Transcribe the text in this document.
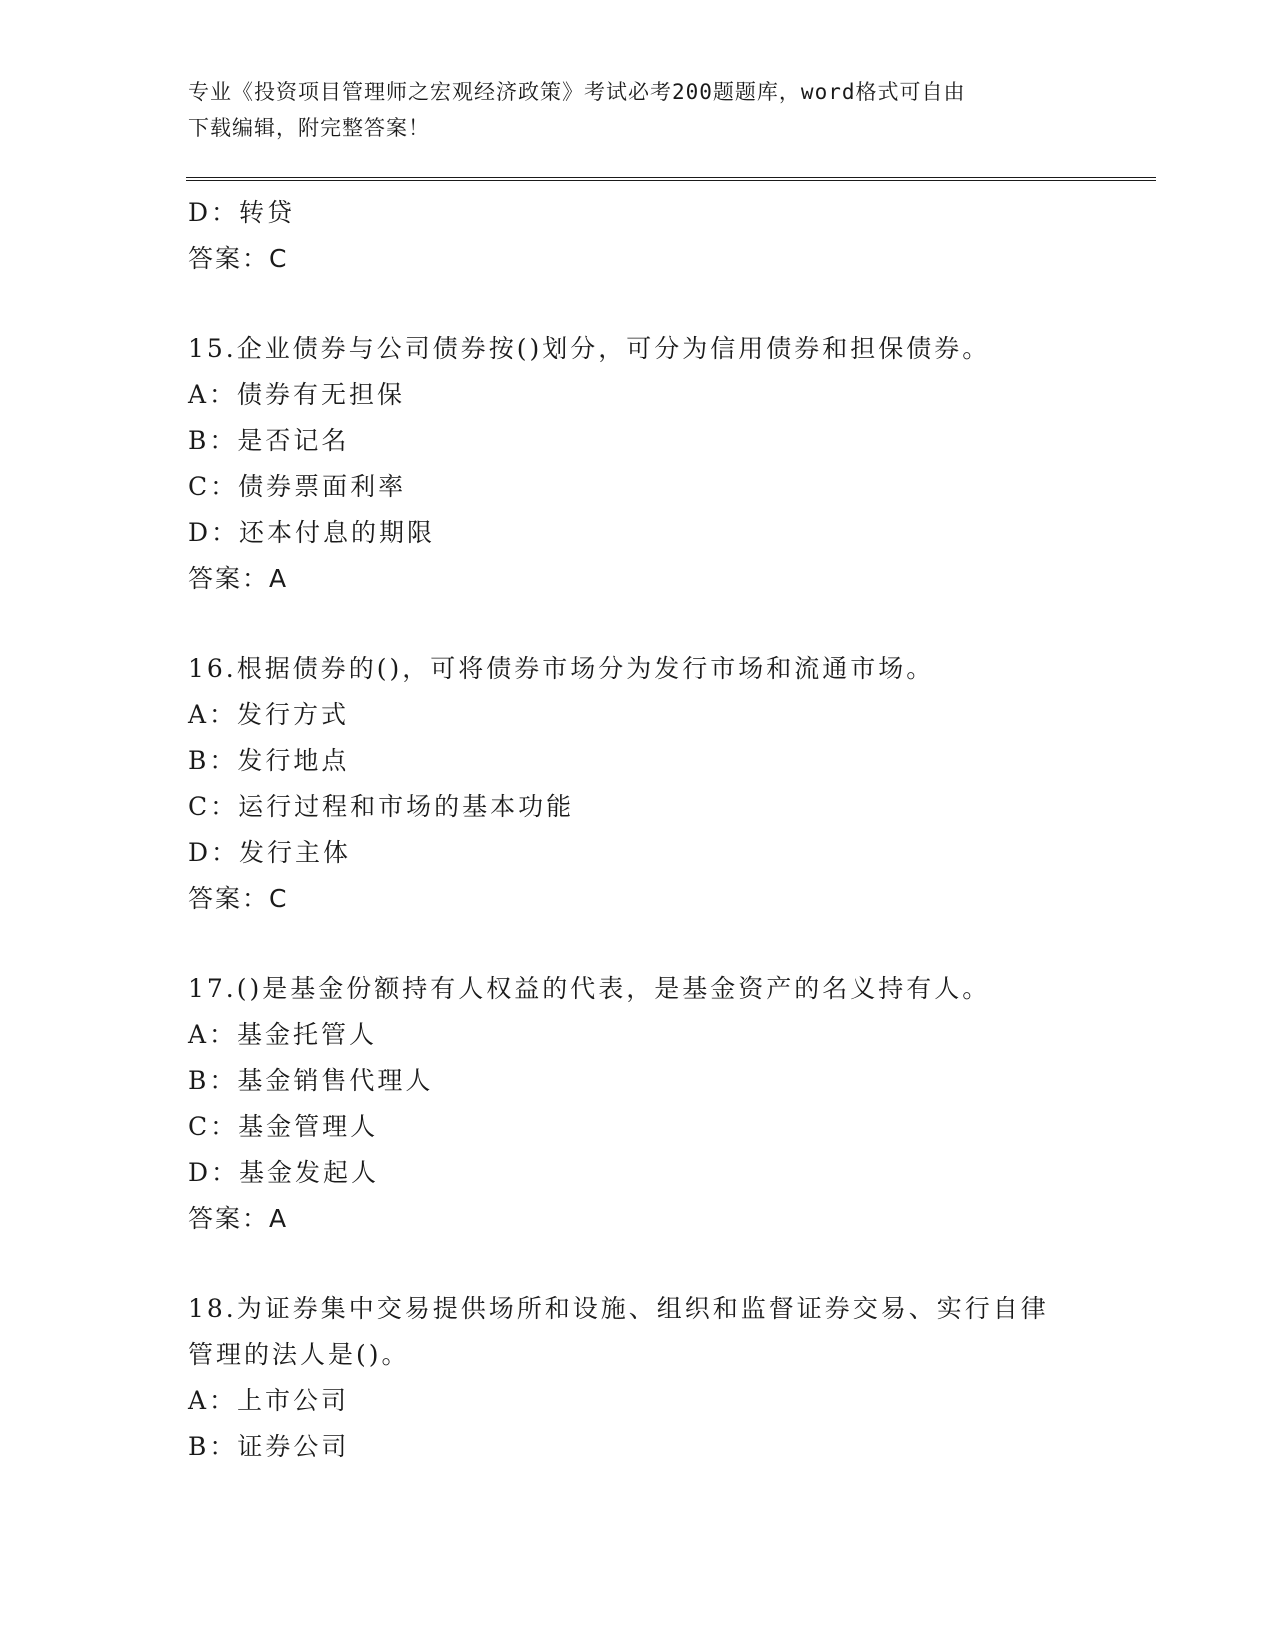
专业《投资项目管理师之宏观经济政策》考试必考200题题库，word格式可自由
下载编辑，附完整答案！
D：转贷
答案：C
15.企业债券与公司债券按()划分，可分为信用债券和担保债券。
A：债券有无担保
B：是否记名
C：债券票面利率
D：还本付息的期限
答案：A
16.根据债券的()，可将债券市场分为发行市场和流通市场。
A：发行方式
B：发行地点
C：运行过程和市场的基本功能
D：发行主体
答案：C
17.()是基金份额持有人权益的代表，是基金资产的名义持有人。
A：基金托管人
B：基金销售代理人
C：基金管理人
D：基金发起人
答案：A
18.为证券集中交易提供场所和设施、组织和监督证券交易、实行自律
管理的法人是()。
A：上市公司
B：证券公司
